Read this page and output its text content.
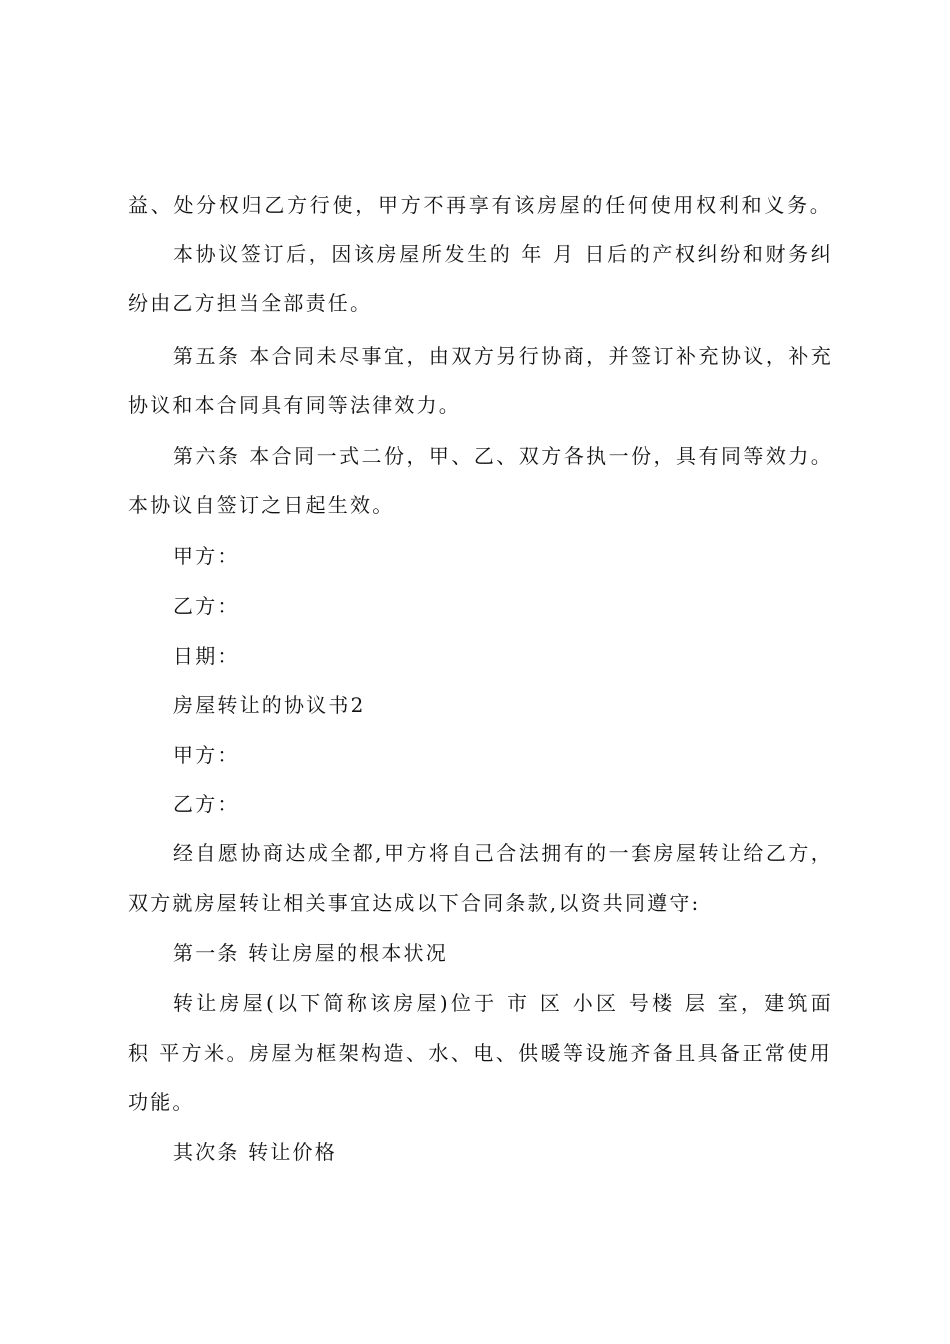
益、处分权归乙方行使，甲方不再享有该房屋的任何使用权利和义务。
本协议签订后，因该房屋所发生的 年 月 日后的产权纠纷和财务纠
纷由乙方担当全部责任。
第五条 本合同未尽事宜，由双方另行协商，并签订补充协议，补充
协议和本合同具有同等法律效力。
第六条 本合同一式二份，甲、乙、双方各执一份，具有同等效力。
本协议自签订之日起生效。
甲方：
乙方：
日期：
房屋转让的协议书2
甲方：
乙方：
经自愿协商达成全都,甲方将自己合法拥有的一套房屋转让给乙方，
双方就房屋转让相关事宜达成以下合同条款,以资共同遵守:
第一条 转让房屋的根本状况
转让房屋(以下简称该房屋)位于 市 区 小区 号楼 层 室，建筑面
积 平方米。房屋为框架构造、水、电、供暖等设施齐备且具备正常使用
功能。
其次条 转让价格
